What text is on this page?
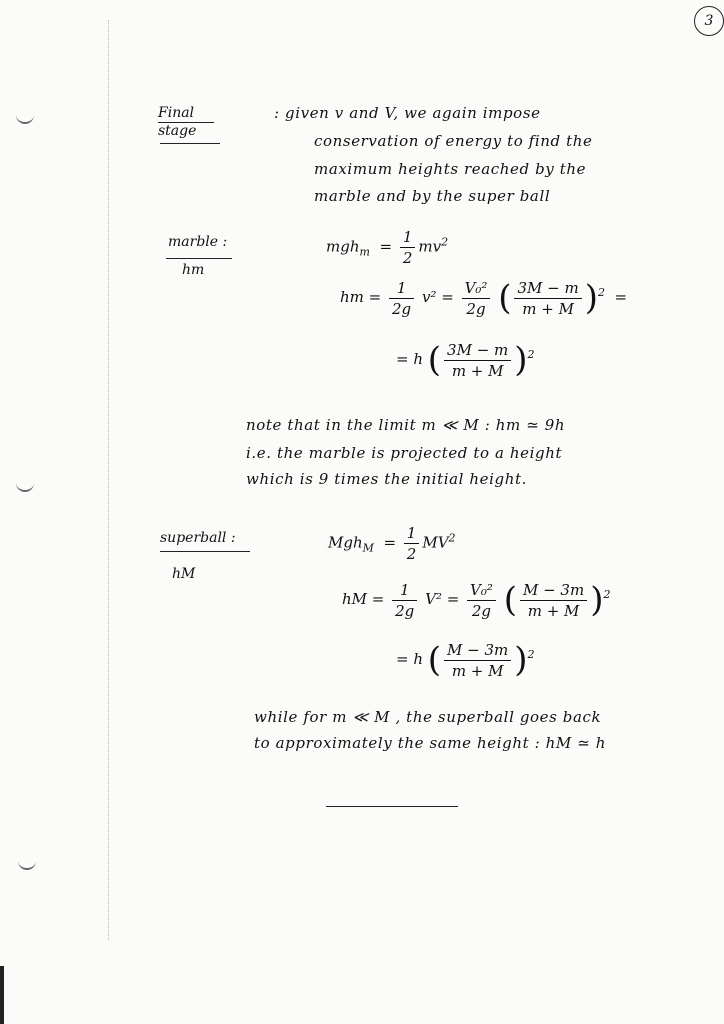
3
Final stage
: given v and V, we again impose
conservation of energy to find the
maximum heights reached by the
marble and by the super ball
marble :
hm
$mgh_m = \frac{1}{2} mv^2$
hm = $\frac{1}{2g} v^2 = \frac{\text{V₀²}}{2g}$ ( $\frac{3M - m}{m + M} )^2$ =
= h ( $\frac{3M - m}{m + M} )^2$
note that in the limit m ≪ M : hm ≃ 9h
i.e. the marble is projected to a height
which is 9 times the initial height.
superball :
hM
$Mgh_M = \frac{1}{2} MV^2$
hM = $\frac{1}{2g} V^2 = \frac{\text{V₀²}}{2g}$ ( $\frac{M - 3m}{m + M} )^2$
= h ( $\frac{M - 3m}{m + M} )^2$
while for m ≪ M , the superball goes back
to approximately the same height : hM ≃ h
